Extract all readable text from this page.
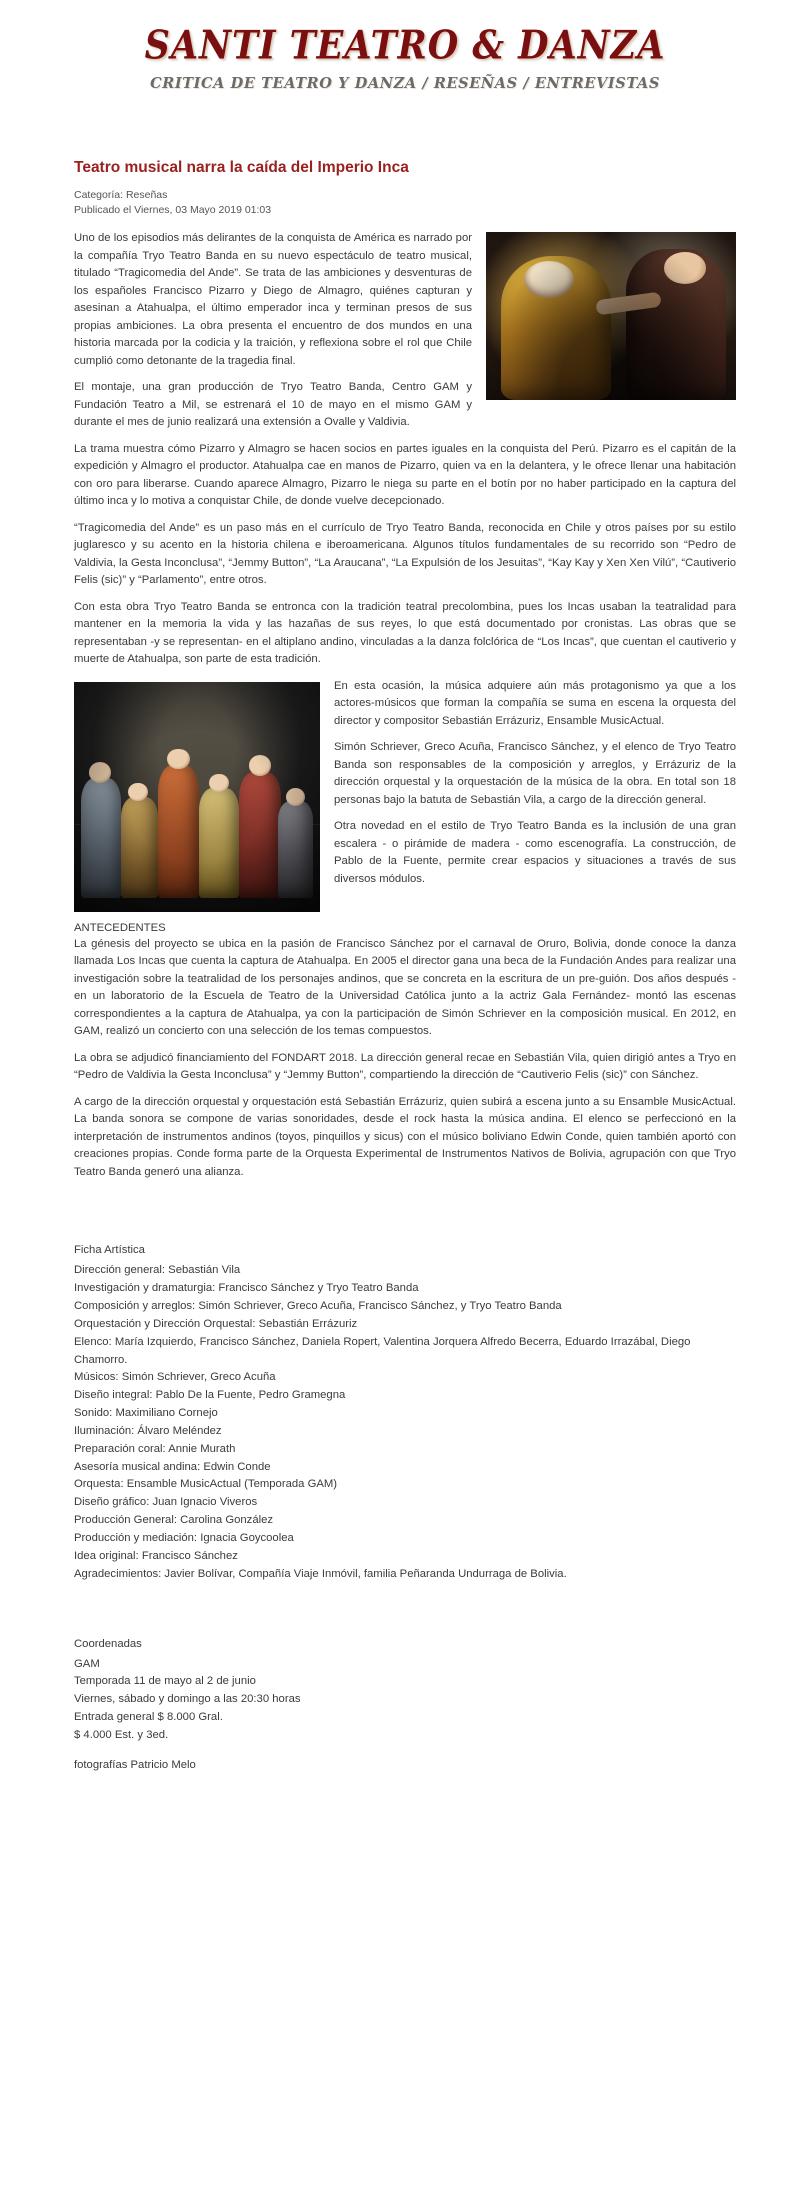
SANTI TEATRO & DANZA
CRITICA DE TEATRO Y DANZA / RESEÑAS / ENTREVISTAS
Teatro musical narra la caída del Imperio Inca
Categoría: Reseñas
Publicado el Viernes, 03 Mayo 2019 01:03

Uno de los episodios más delirantes de la conquista de América es narrado por la compañía Tryo Teatro Banda en su nuevo espectáculo de teatro musical, titulado “Tragicomedia del Ande”. Se trata de las ambiciones y desventuras de los españoles Francisco Pizarro y Diego de Almagro, quiénes capturan y asesinan a Atahualpa, el último emperador inca y terminan presos de sus propias ambiciones. La obra presenta el encuentro de dos mundos en una historia marcada por la codicia y la traición, y reflexiona sobre el rol que Chile cumplió como detonante de la tragedia final.

El montaje, una gran producción de Tryo Teatro Banda, Centro GAM y Fundación Teatro a Mil, se estrenará el 10 de mayo en el mismo GAM y durante el mes de junio realizará una extensión a Ovalle y Valdivia.

La trama muestra cómo Pizarro y Almagro se hacen socios en partes iguales en la conquista del Perú. Pizarro es el capitán de la expedición y Almagro el productor. Atahualpa cae en manos de Pizarro, quien va en la delantera, y le ofrece llenar una habitación con oro para liberarse. Cuando aparece Almagro, Pizarro le niega su parte en el botín por no haber participado en la captura del último inca y lo motiva a conquistar Chile, de donde vuelve decepcionado.

“Tragicomedia del Ande” es un paso más en el currículo de Tryo Teatro Banda, reconocida en Chile y otros países por su estilo juglaresco y su acento en la historia chilena e iberoamericana. Algunos títulos fundamentales de su recorrido son “Pedro de Valdivia, la Gesta Inconclusa”, “Jemmy Button”, “La Araucana”, “La Expulsión de los Jesuitas”, “Kay Kay y Xen Xen Vilú”, “Cautiverio Felis (sic)” y “Parlamento”, entre otros.

Con esta obra Tryo Teatro Banda se entronca con la tradición teatral precolombina, pues los Incas usaban la teatralidad para mantener en la memoria la vida y las hazañas de sus reyes, lo que está documentado por cronistas. Las obras que se representaban -y se representan- en el altiplano andino, vinculadas a la danza folclórica de “Los Incas”, que cuentan el cautiverio y muerte de Atahualpa, son parte de esta tradición.

En esta ocasión, la música adquiere aún más protagonismo ya que a los actores-músicos que forman la compañía se suma en escena la orquesta del director y compositor Sebastián Errázuriz, Ensamble MusicActual.

Simón Schriever, Greco Acuña, Francisco Sánchez, y el elenco de Tryo Teatro Banda son responsables de la composición y arreglos, y Errázuriz de la dirección orquestal y la orquestación de la música de la obra. En total son 18 personas bajo la batuta de Sebastián Vila, a cargo de la dirección general.

Otra novedad en el estilo de Tryo Teatro Banda es la inclusión de una gran escalera - o pirámide de madera - como escenografía. La construcción, de Pablo de la Fuente, permite crear espacios y situaciones a través de sus diversos módulos.

ANTECEDENTES

La génesis del proyecto se ubica en la pasión de Francisco Sánchez por el carnaval de Oruro, Bolivia, donde conoce la danza llamada Los Incas que cuenta la captura de Atahualpa. En 2005 el director gana una beca de la Fundación Andes para realizar una investigación sobre la teatralidad de los personajes andinos, que se concreta en la escritura de un pre-guión. Dos años después - en un laboratorio de la Escuela de Teatro de la Universidad Católica junto a la actriz Gala Fernández- montó las escenas correspondientes a la captura de Atahualpa, ya con la participación de Simón Schriever en la composición musical. En 2012, en GAM, realizó un concierto con una selección de los temas compuestos.

La obra se adjudicó financiamiento del FONDART 2018. La dirección general recae en Sebastián Vila, quien dirigió antes a Tryo en “Pedro de Valdivia la Gesta Inconclusa” y “Jemmy Button”, compartiendo la dirección de “Cautiverio Felis (sic)” con Sánchez.

A cargo de la dirección orquestal y orquestación está Sebastián Errázuriz, quien subirá a escena junto a su Ensamble MusicActual. La banda sonora se compone de varias sonoridades, desde el rock hasta la música andina. El elenco se perfeccionó en la interpretación de instrumentos andinos (toyos, pinquillos y sicus) con el músico boliviano Edwin Conde, quien también aportó con creaciones propias. Conde forma parte de la Orquesta Experimental de Instrumentos Nativos de Bolivia, agrupación con que Tryo Teatro Banda generó una alianza.

Ficha Artística
Dirección general: Sebastián Vila
Investigación y dramaturgia: Francisco Sánchez y Tryo Teatro Banda
Composición y arreglos: Simón Schriever, Greco Acuña, Francisco Sánchez, y Tryo Teatro Banda
Orquestación y Dirección Orquestal: Sebastián Errázuriz
Elenco: María Izquierdo, Francisco Sánchez, Daniela Ropert, Valentina Jorquera Alfredo Becerra, Eduardo Irrazábal, Diego Chamorro.
Músicos: Simón Schriever, Greco Acuña
Diseño integral: Pablo De la Fuente, Pedro Gramegna
Sonido: Maximiliano Cornejo
Iluminación: Álvaro Meléndez
Preparación coral: Annie Murath
Asesoría musical andina: Edwin Conde
Orquesta: Ensamble MusicActual (Temporada GAM)
Diseño gráfico: Juan Ignacio Viveros
Producción General: Carolina González
Producción y mediación: Ignacia Goycoolea
Idea original: Francisco Sánchez
Agradecimientos: Javier Bolívar, Compañía Viaje Inmóvil, familia Peñaranda Undurraga de Bolivia.
Coordenadas
GAM
Temporada 11 de mayo al 2 de junio
Viernes, sábado y domingo a las 20:30 horas
Entrada general $ 8.000 Gral.
$ 4.000 Est. y 3ed.
fotografías Patricio Melo
